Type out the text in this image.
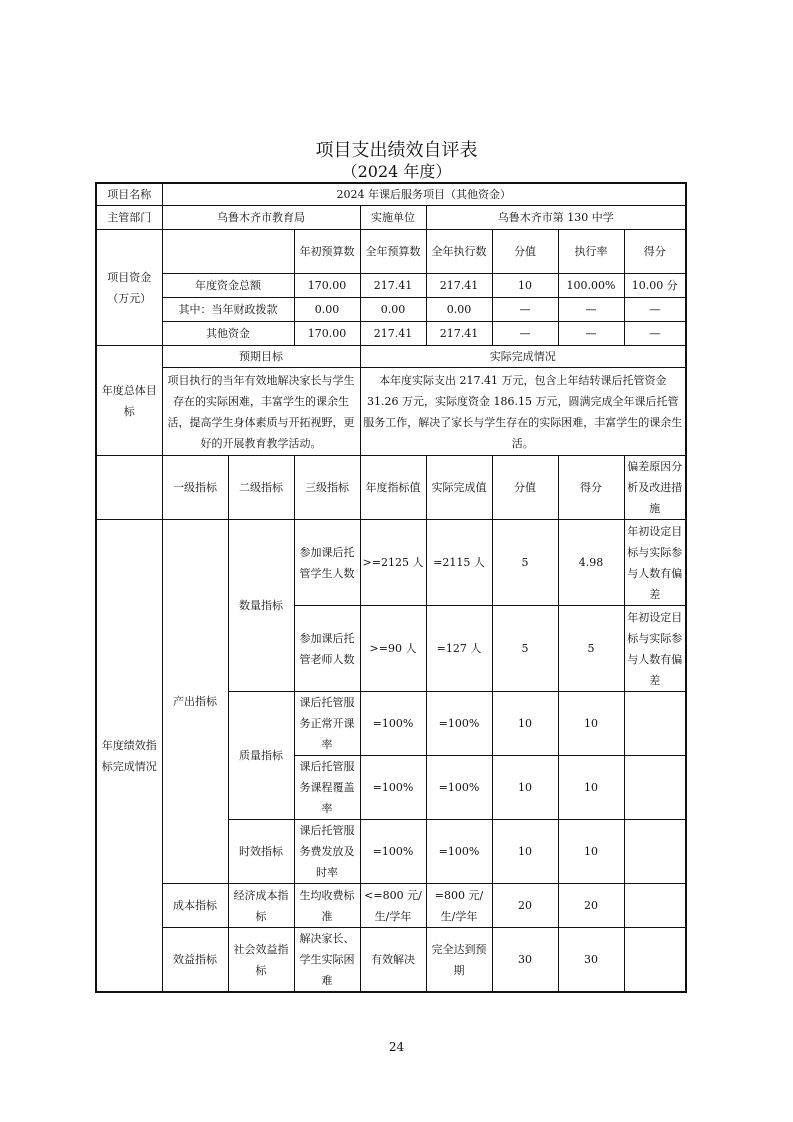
项目支出绩效自评表
（2024 年度）
项目名称	2024 年课后服务项目（其他资金）							
主管部门	乌鲁木齐市教育局			实施单位	乌鲁木齐市第 130 中学			
项目资金（万元）			年初预算数	全年预算数	全年执行数	分值	执行率	得分
	年度资金总额		170.00	217.41	217.41	10	100.00%	10.00 分
	其中：当年财政拨款		0.00	0.00	0.00	—	—	—
	其他资金		170.00	217.41	217.41	—	—	—
年度总体目标	预期目标			实际完成情况				
	项目执行的当年有效地解决家长与学生存在的实际困难，丰富学生的课余生活，提高学生身体素质与开拓视野，更好的开展教育教学活动。			本年度实际支出 217.41 万元，包含上年结转课后托管资金 31.26 万元，实际度资金 186.15 万元，圆满完成全年课后托管服务工作，解决了家长与学生存在的实际困难，丰富学生的课余生活。				
	一级指标	二级指标	三级指标	年度指标值	实际完成值	分值	得分	偏差原因分析及改进措施
年度绩效指标完成情况	产出指标	数量指标	参加课后托管学生人数	>=2125 人	=2115 人	5	4.98	年初设定目标与实际参与人数有偏差
			参加课后托管老师人数	>=90 人	=127 人	5	5	年初设定目标与实际参与人数有偏差
		质量指标	课后托管服务正常开课率	=100%	=100%	10	10	
			课后托管服务课程覆盖率	=100%	=100%	10	10	
		时效指标	课后托管服务费发放及时率	=100%	=100%	10	10	
	成本指标	经济成本指标	生均收费标准	<=800 元/生/学年	=800 元/生/学年	20	20	
	效益指标	社会效益指标	解决家长、学生实际困难	有效解决	完全达到预期	30	30	
24
